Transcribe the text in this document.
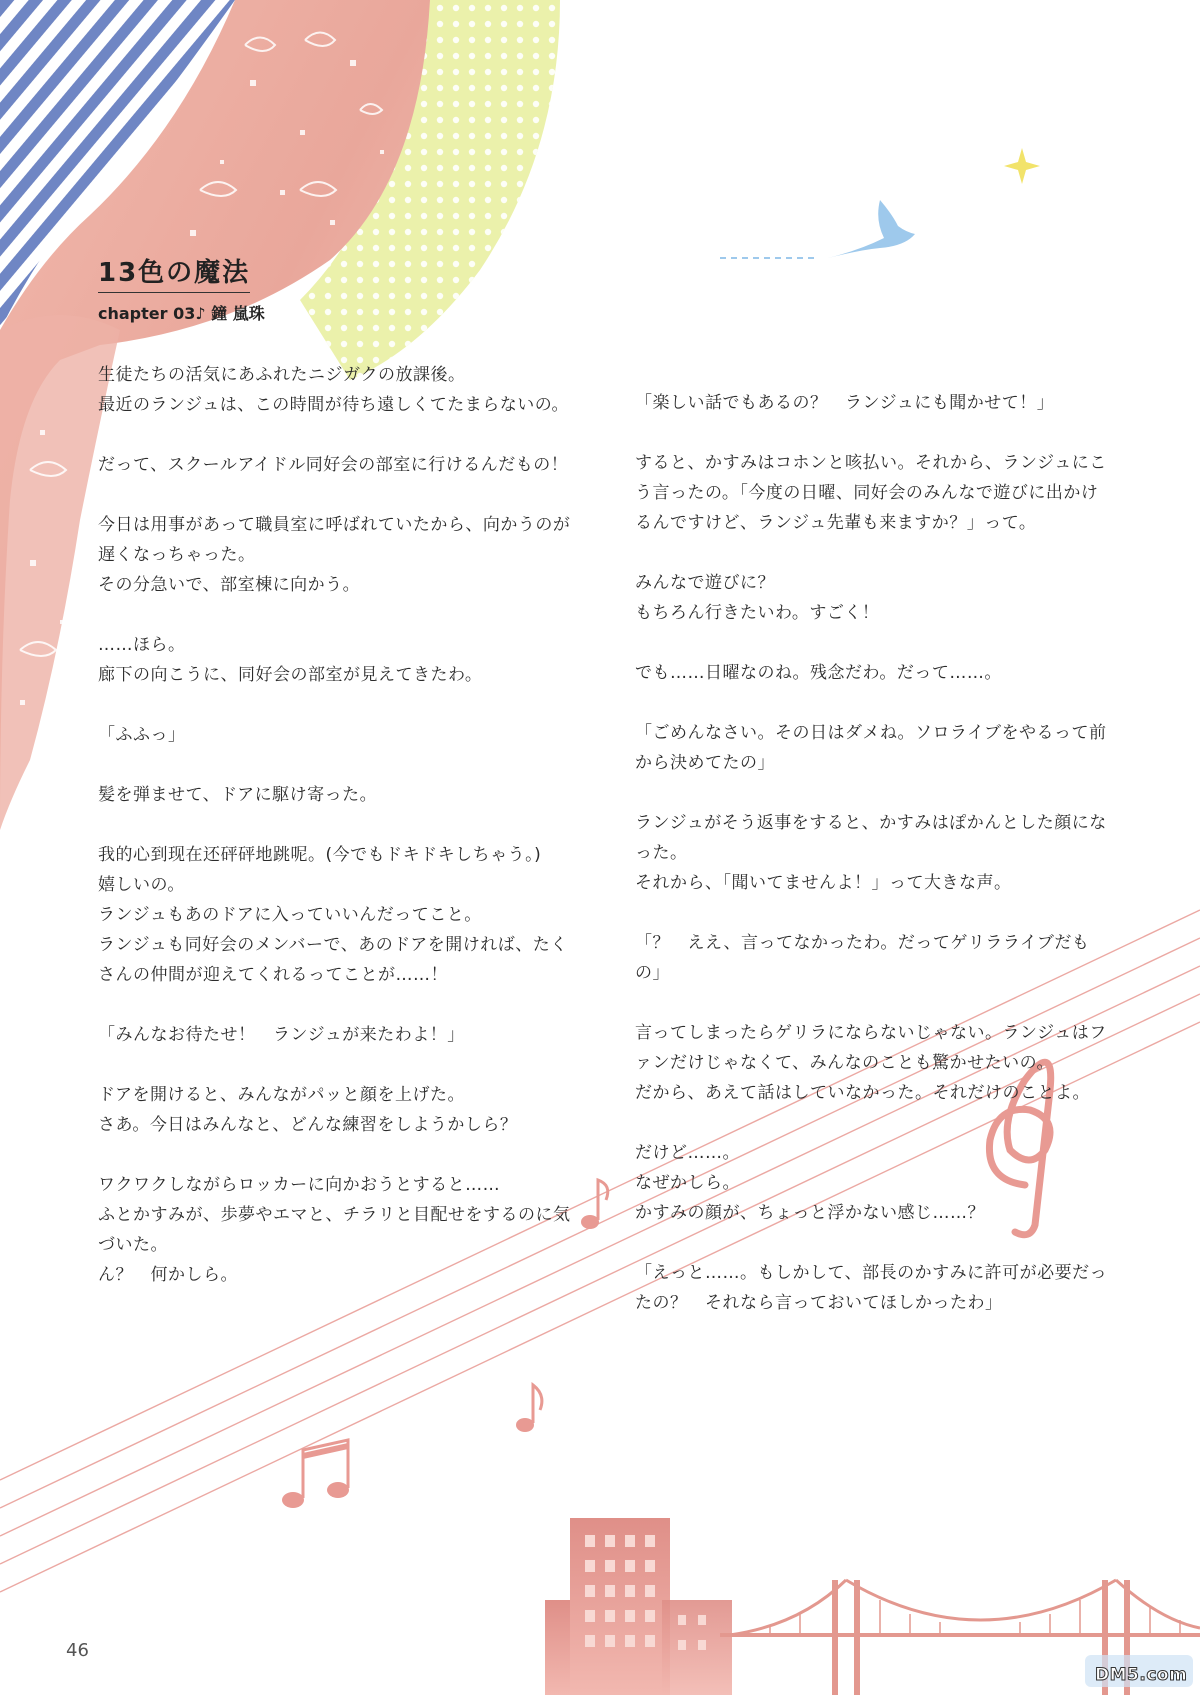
13色の魔法
chapter 03♪ 鐘 嵐珠

生徒たちの活気にあふれたニジガクの放課後。
最近のランジュは、この時間が待ち遠しくてたまらないの。

だって、スクールアイドル同好会の部室に行けるんだもの！

今日は用事があって職員室に呼ばれていたから、向かうのが遅くなっちゃった。
その分急いで、部室棟に向かう。

……ほら。
廊下の向こうに、同好会の部室が見えてきたわ。

「ふふっ」

髪を弾ませて、ドアに駆け寄った。

我的心到现在还砰砰地跳呢。(今でもドキドキしちゃう。)
嬉しいの。
ランジュもあのドアに入っていいんだってこと。
ランジュも同好会のメンバーで、あのドアを開ければ、たくさんの仲間が迎えてくれるってことが……！

「みんなお待たせ！　ランジュが来たわよ！」

ドアを開けると、みんながパッと顔を上げた。
さあ。今日はみんなと、どんな練習をしようかしら？

ワクワクしながらロッカーに向かおうとすると……
ふとかすみが、歩夢やエマと、チラリと目配せをするのに気づいた。
ん？　何かしら。

「楽しい話でもあるの？　ランジュにも聞かせて！」

すると、かすみはコホンと咳払い。それから、ランジュにこう言ったの。「今度の日曜、同好会のみんなで遊びに出かけるんですけど、ランジュ先輩も来ますか？」って。

みんなで遊びに？
もちろん行きたいわ。すごく！

でも……日曜なのね。残念だわ。だって……。

「ごめんなさい。その日はダメね。ソロライブをやるって前から決めてたの」

ランジュがそう返事をすると、かすみはぽかんとした顔になった。
それから、「聞いてませんよ！」って大きな声。

「？　ええ、言ってなかったわ。だってゲリラライブだもの」

言ってしまったらゲリラにならないじゃない。ランジュはファンだけじゃなくて、みんなのことも驚かせたいの。
だから、あえて話はしていなかった。それだけのことよ。

だけど……。
なぜかしら。
かすみの顔が、ちょっと浮かない感じ……？

「えっと……。もしかして、部長のかすみに許可が必要だったの？　それなら言っておいてほしかったわ」

46
DM5.com
